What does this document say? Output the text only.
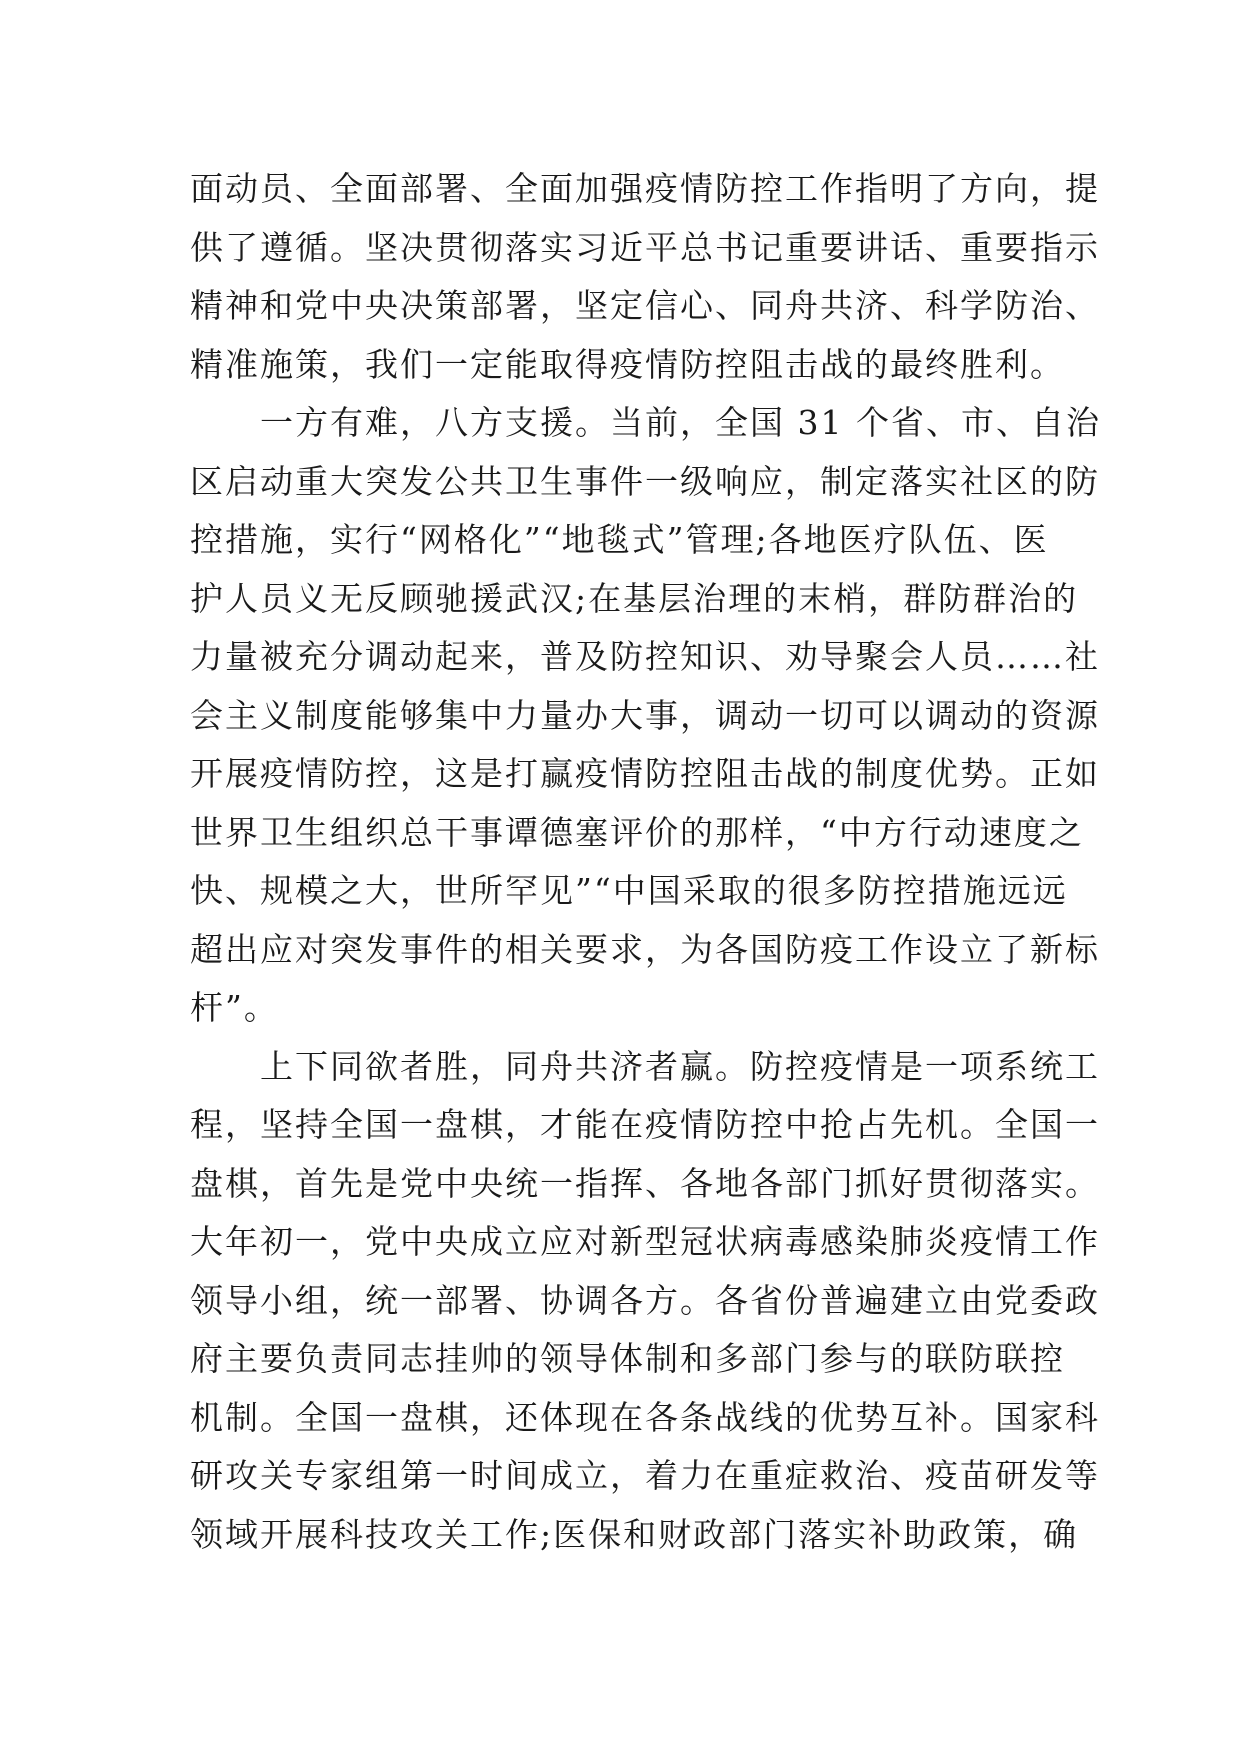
面动员、全面部署、全面加强疫情防控工作指明了方向，提
供了遵循。坚决贯彻落实习近平总书记重要讲话、重要指示
精神和党中央决策部署，坚定信心、同舟共济、科学防治、
精准施策，我们一定能取得疫情防控阻击战的最终胜利。
一方有难，八方支援。当前，全国 31 个省、市、自治
区启动重大突发公共卫生事件一级响应，制定落实社区的防
控措施，实行“网格化”“地毯式”管理;各地医疗队伍、医
护人员义无反顾驰援武汉;在基层治理的末梢，群防群治的
力量被充分调动起来，普及防控知识、劝导聚会人员……社
会主义制度能够集中力量办大事，调动一切可以调动的资源
开展疫情防控，这是打赢疫情防控阻击战的制度优势。正如
世界卫生组织总干事谭德塞评价的那样，“中方行动速度之
快、规模之大，世所罕见”“中国采取的很多防控措施远远
超出应对突发事件的相关要求，为各国防疫工作设立了新标
杆”。
上下同欲者胜，同舟共济者赢。防控疫情是一项系统工
程，坚持全国一盘棋，才能在疫情防控中抢占先机。全国一
盘棋，首先是党中央统一指挥、各地各部门抓好贯彻落实。
大年初一，党中央成立应对新型冠状病毒感染肺炎疫情工作
领导小组，统一部署、协调各方。各省份普遍建立由党委政
府主要负责同志挂帅的领导体制和多部门参与的联防联控
机制。全国一盘棋，还体现在各条战线的优势互补。国家科
研攻关专家组第一时间成立，着力在重症救治、疫苗研发等
领域开展科技攻关工作;医保和财政部门落实补助政策，确
